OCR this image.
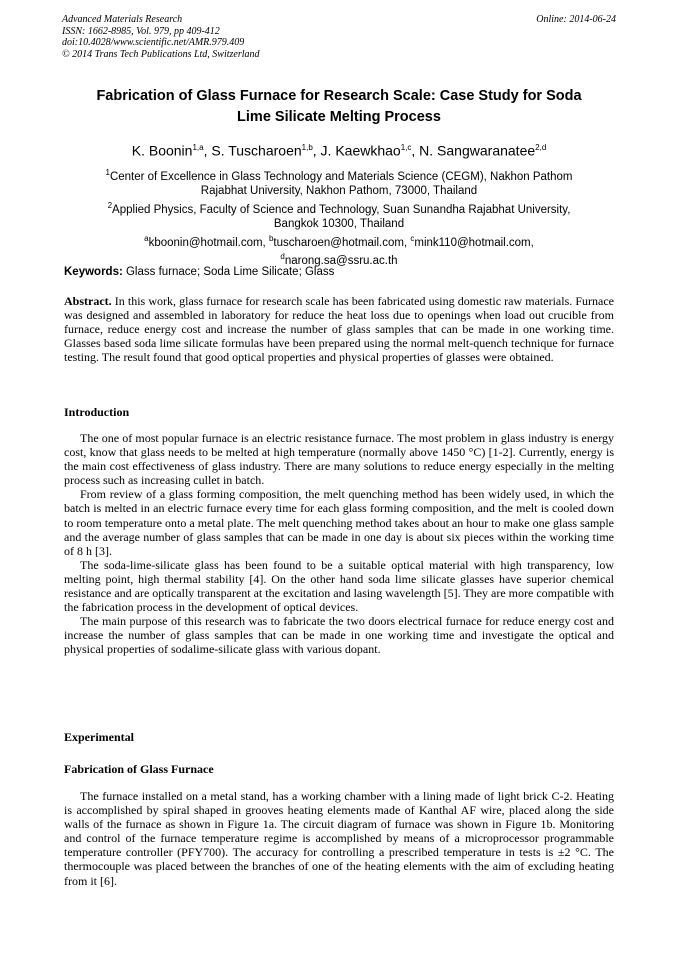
Advanced Materials Research
ISSN: 1662-8985, Vol. 979, pp 409-412
doi:10.4028/www.scientific.net/AMR.979.409
© 2014 Trans Tech Publications Ltd, Switzerland
Online: 2014-06-24
Fabrication of Glass Furnace for Research Scale: Case Study for Soda
Lime Silicate Melting Process
K. Boonin$^{1,a}$, S. Tuscharoen$^{1,b}$, J. Kaewkhao$^{1,c}$, N. Sangwaranatee$^{2,d}$
$^1$Center of Excellence in Glass Technology and Materials Science (CEGM), Nakhon Pathom
Rajabhat University, Nakhon Pathom, 73000, Thailand
$^2$Applied Physics, Faculty of Science and Technology, Suan Sunandha Rajabhat University,
Bangkok 10300, Thailand
$^a$kboonin@hotmail.com, $^b$tuscharoen@hotmail.com, $^c$mink110@hotmail.com,
$^d$narong.sa@ssru.ac.th
Keywords: Glass furnace; Soda Lime Silicate; Glass
Abstract. In this work, glass furnace for research scale has been fabricated using domestic raw materials. Furnace was designed and assembled in laboratory for reduce the heat loss due to openings when load out crucible from furnace, reduce energy cost and increase the number of glass samples that can be made in one working time. Glasses based soda lime silicate formulas have been prepared using the normal melt-quench technique for furnace testing. The result found that good optical properties and physical properties of glasses were obtained.
Introduction

The one of most popular furnace is an electric resistance furnace. The most problem in glass industry is energy cost, know that glass needs to be melted at high temperature (normally above 1450 °C) [1-2]. Currently, energy is the main cost effectiveness of glass industry. There are many solutions to reduce energy especially in the melting process such as increasing cullet in batch.

From review of a glass forming composition, the melt quenching method has been widely used, in which the batch is melted in an electric furnace every time for each glass forming composition, and the melt is cooled down to room temperature onto a metal plate. The melt quenching method takes about an hour to make one glass sample and the average number of glass samples that can be made in one day is about six pieces within the working time of 8 h [3].

The soda-lime-silicate glass has been found to be a suitable optical material with high transparency, low melting point, high thermal stability [4]. On the other hand soda lime silicate glasses have superior chemical resistance and are optically transparent at the excitation and lasing wavelength [5]. They are more compatible with the fabrication process in the development of optical devices.

The main purpose of this research was to fabricate the two doors electrical furnace for reduce energy cost and increase the number of glass samples that can be made in one working time and investigate the optical and physical properties of sodalime-silicate glass with various dopant.

Experimental
Fabrication of Glass Furnace

The furnace installed on a metal stand, has a working chamber with a lining made of light brick C-2. Heating is accomplished by spiral shaped in grooves heating elements made of Kanthal AF wire, placed along the side walls of the furnace as shown in Figure 1a. The circuit diagram of furnace was shown in Figure 1b. Monitoring and control of the furnace temperature regime is accomplished by means of a microprocessor programmable temperature controller (PFY700). The accuracy for controlling a prescribed temperature in tests is ±2 °C. The thermocouple was placed between the branches of one of the heating elements with the aim of excluding heating from it [6].
